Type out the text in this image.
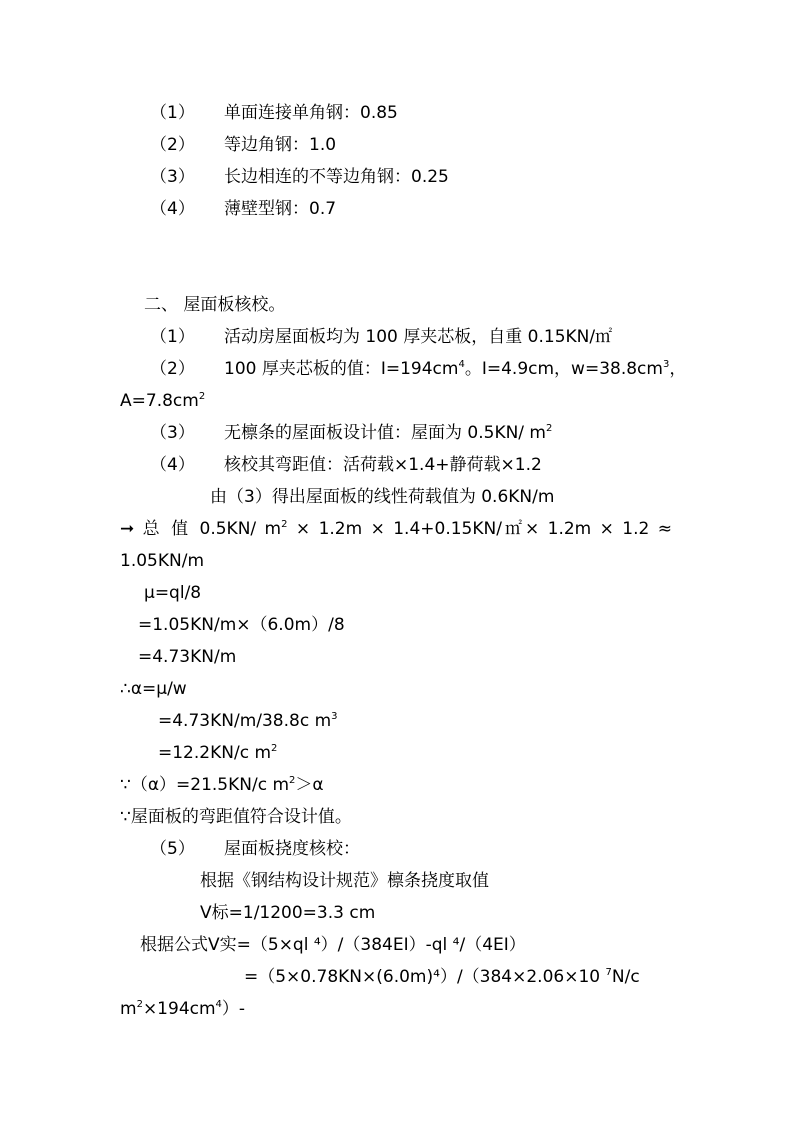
（1） 单面连接单角钢：0.85
（2） 等边角钢：1.0
（3） 长边相连的不等边角钢：0.25
（4） 薄壁型钢：0.7
二、 屋面板核校。
（1） 活动房屋面板均为 100 厚夹芯板，自重 0.15KN/㎡
（2） 100 厚夹芯板的值：$I=194cm^4$。I=4.9cm，$w=38.8cm^3$，
$A=7.8cm^2$
（3） 无檩条的屋面板设计值：屋面为 0.5KN/ $m^2$
（4） 核校其弯距值：活荷载×1.4+静荷载×1.2
由（3）得出屋面板的线性荷载值为 0.6KN/m
➞ 总 值 0.5KN/ $m^2 \times 1.2m$ × 1.4+0.15KN/㎡× 1.2m × 1.2 ≈
1.05KN/m
μ=ql/8
=1.05KN/m×（6.0m）/8
=4.73KN/m
∴α=μ/w
=4.73KN/m/38.8c $m^3$
=12.2KN/c $m^2$
∵（α）=21.5KN/c $m^2>\alpha$
∵屋面板的弯距值符合设计值。
（5） 屋面板挠度核校：
根据《钢结构设计规范》檩条挠度取值
V标=1/1200=3.3 cm
根据公式V实=（5×ql ⁴）/（384EI）-ql ⁴/（4EI）
=（5×0.78KN×(6.0m)⁴）/（384×2.06×10 $^7$N/c
$m^2\times 194cm^4)-$
